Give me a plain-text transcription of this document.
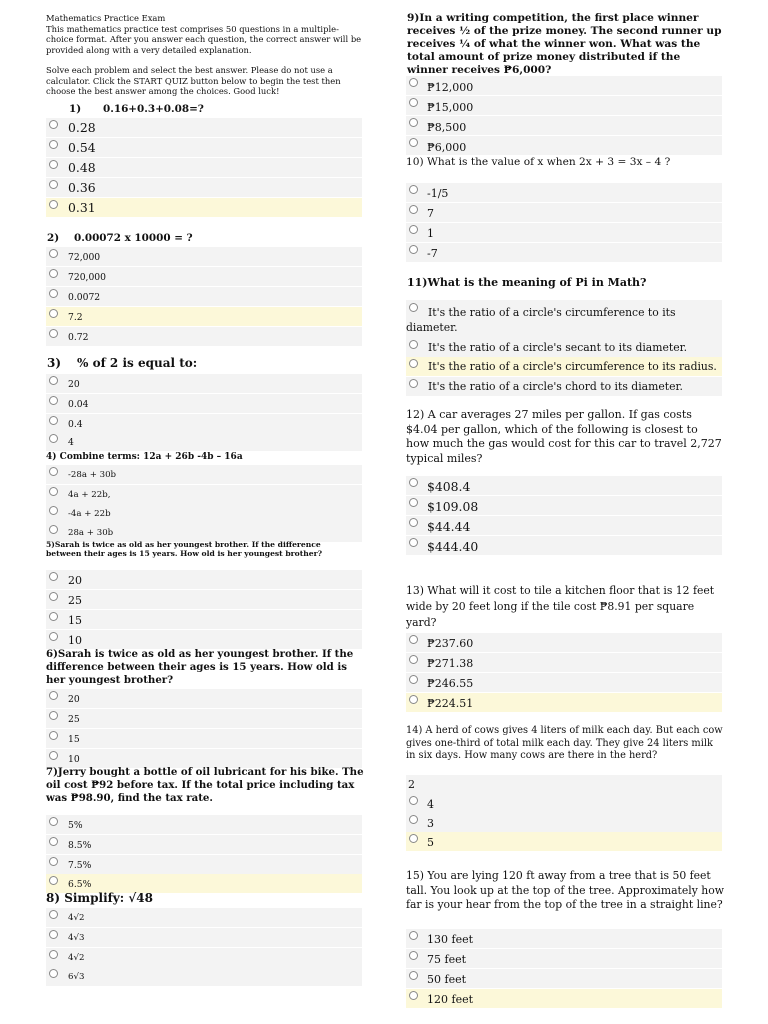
Mathematics Practice Exam

This mathematics practice test comprises 50 questions in a multiple-choice format. After you answer each question, the correct answer will be provided along with a very detailed explanation.

Solve each problem and select the best answer. Please do not use a calculator. Click the START QUIZ button below to begin the test then choose the best answer among the choices. Good luck!

1) 0.16+0.3+0.08=?
0.28
0.54
0.48
0.36
0.31
2) 0.00072 x 10000 = ?
72,000
720,000
0.0072
7.2
0.72
3) % of 2 is equal to:
20
0.04
0.4
4
4) Combine terms: 12a + 26b -4b – 16a
-28a + 30b
4a + 22b,
-4a + 22b
28a + 30b
5)Sarah is twice as old as her youngest brother. If the difference between their ages is 15 years. How old is her youngest brother?
20
25
15
10
6)Sarah is twice as old as her youngest brother. If the difference between their ages is 15 years. How old is her youngest brother?
20
25
15
10
7)Jerry bought a bottle of oil lubricant for his bike. The oil cost ₱92 before tax. If the total price including tax was ₱98.90, find the tax rate.
5%
8.5%
7.5%
6.5%
8) Simplify: √48
4√2
4√3
4√2
6√3
9)In a writing competition, the first place winner receives ½ of the prize money. The second runner up receives ¼ of what the winner won. What was the total amount of prize money distributed if the winner receives ₱6,000?
₱12,000
₱15,000
₱8,500
₱6,000
10) What is the value of x when 2x + 3 = 3x – 4 ?
-1/5
7
1
-7
11)What is the meaning of Pi in Math?
It's the ratio of a circle's circumference to its diameter.
It's the ratio of a circle's secant to its diameter.
It's the ratio of a circle's circumference to its radius.
It's the ratio of a circle's chord to its diameter.
12) A car averages 27 miles per gallon. If gas costs $4.04 per gallon, which of the following is closest to how much the gas would cost for this car to travel 2,727 typical miles?
$408.4
$109.08
$44.44
$444.40
13) What will it cost to tile a kitchen floor that is 12 feet wide by 20 feet long if the tile cost ₱8.91 per square yard?
₱237.60
₱271.38
₱246.55
₱224.51
14) A herd of cows gives 4 liters of milk each day. But each cow gives one-third of total milk each day. They give 24 liters milk in six days. How many cows are there in the herd?
2
4
3
5
15) You are lying 120 ft away from a tree that is 50 feet tall. You look up at the top of the tree. Approximately how far is your hear from the top of the tree in a straight line?
130 feet
75 feet
50 feet
120 feet
